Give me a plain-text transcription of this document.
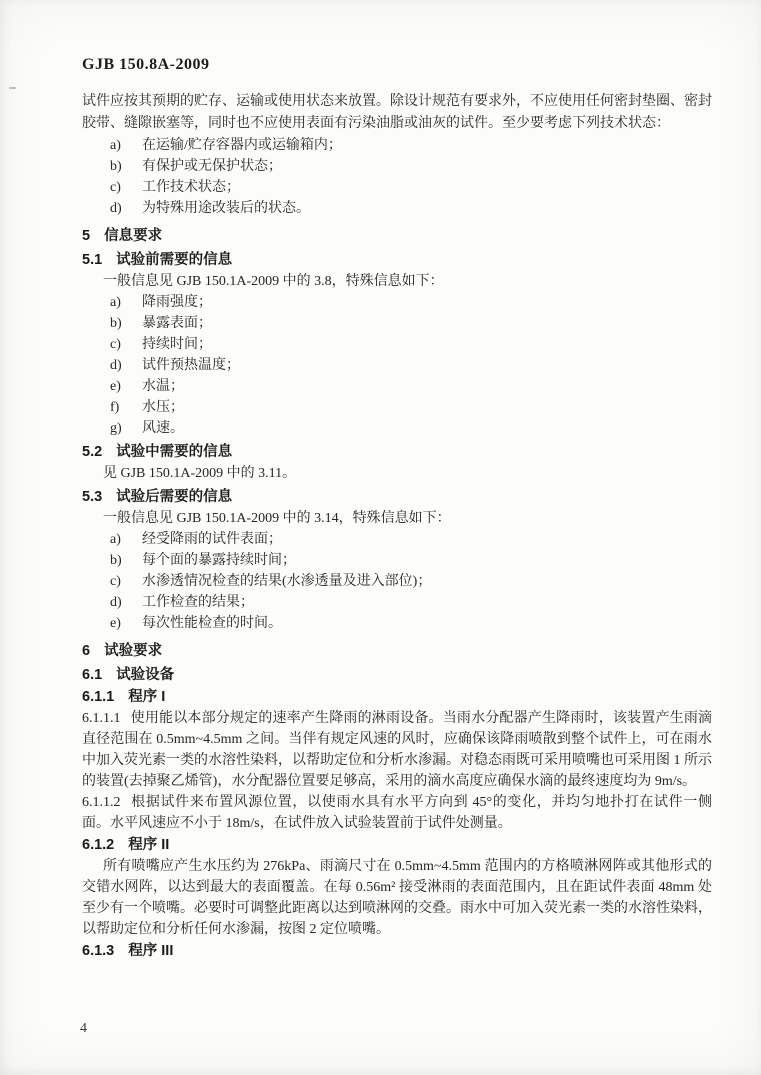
GJB 150.8A-2009

试件应按其预期的贮存、运输或使用状态来放置。除设计规范有要求外，不应使用任何密封垫圈、密封胶带、缝隙嵌塞等，同时也不应使用表面有污染油脂或油灰的试件。至少要考虑下列技术状态：

a)	在运输/贮存容器内或运输箱内；
b)	有保护或无保护状态；
c)	工作技术状态；
d)	为特殊用途改装后的状态。
5 信息要求
5.1 试验前需要的信息

一般信息见 GJB 150.1A-2009 中的 3.8，特殊信息如下：

a)	降雨强度；
b)	暴露表面；
c)	持续时间；
d)	试件预热温度；
e)	水温；
f)	水压；
g)	风速。
5.2 试验中需要的信息

见 GJB 150.1A-2009 中的 3.11。

5.3 试验后需要的信息

一般信息见 GJB 150.1A-2009 中的 3.14，特殊信息如下：

a)	经受降雨的试件表面；
b)	每个面的暴露持续时间；
c)	水渗透情况检查的结果(水渗透量及进入部位)；
d)	工作检查的结果；
e)	每次性能检查的时间。
6 试验要求
6.1 试验设备
6.1.1 程序 I

6.1.1.1 使用能以本部分规定的速率产生降雨的淋雨设备。当雨水分配器产生降雨时，该装置产生雨滴直径范围在 0.5mm~4.5mm 之间。当伴有规定风速的风时，应确保该降雨喷散到整个试件上，可在雨水中加入荧光素一类的水溶性染料，以帮助定位和分析水渗漏。对稳态雨既可采用喷嘴也可采用图 1 所示的装置(去掉聚乙烯管)，水分配器位置要足够高，采用的滴水高度应确保水滴的最终速度均为 9m/s。

6.1.1.2 根据试件来布置风源位置，以使雨水具有水平方向到 45°的变化，并均匀地扑打在试件一侧面。水平风速应不小于 18m/s，在试件放入试验装置前于试件处测量。

6.1.2 程序 II

所有喷嘴应产生水压约为 276kPa、雨滴尺寸在 0.5mm~4.5mm 范围内的方格喷淋网阵或其他形式的交错水网阵，以达到最大的表面覆盖。在每 0.56m² 接受淋雨的表面范围内，且在距试件表面 48mm 处至少有一个喷嘴。必要时可调整此距离以达到喷淋网的交叠。雨水中可加入荧光素一类的水溶性染料，以帮助定位和分析任何水渗漏，按图 2 定位喷嘴。

6.1.3 程序 III
4
